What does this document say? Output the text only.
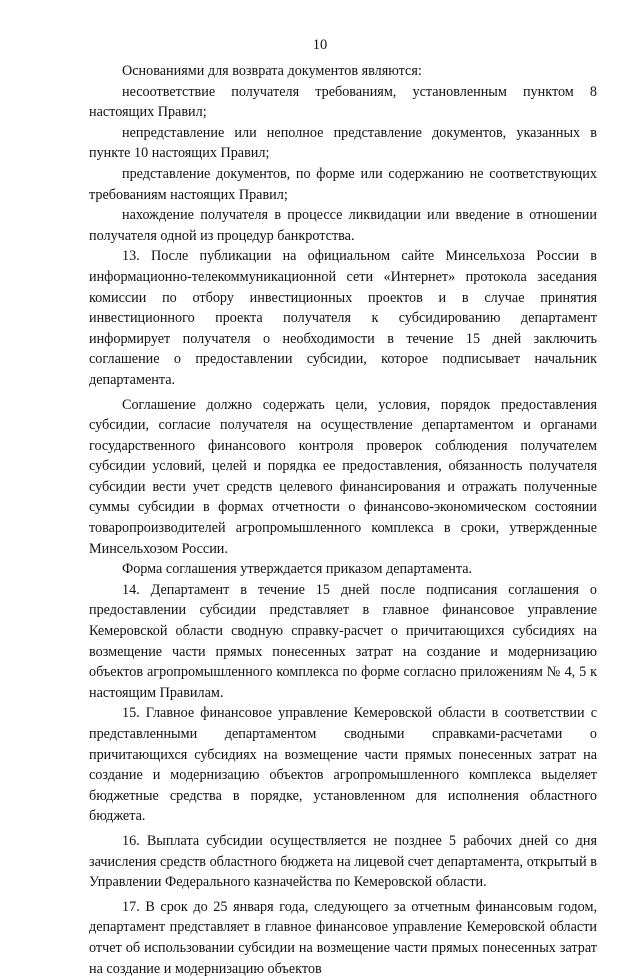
10

Основаниями для возврата документов являются:

несоответствие получателя требованиям, установленным пунктом 8 настоящих Правил;

непредставление или неполное представление документов, указанных в пункте 10 настоящих Правил;

представление документов, по форме или содержанию не соответствующих требованиям настоящих Правил;

нахождение получателя в процессе ликвидации или введение в отношении получателя одной из процедур банкротства.

13. После публикации на официальном сайте Минсельхоза России в информационно-телекоммуникационной сети «Интернет» протокола заседания комиссии по отбору инвестиционных проектов и в случае принятия инвестиционного проекта получателя к субсидированию департамент информирует получателя о необходимости в течение 15 дней заключить соглашение о предоставлении субсидии, которое подписывает начальник департамента.

Соглашение должно содержать цели, условия, порядок предоставления субсидии, согласие получателя на осуществление департаментом и органами государственного финансового контроля проверок соблюдения получателем субсидии условий, целей и порядка ее предоставления, обязанность получателя субсидии вести учет средств целевого финансирования и отражать полученные суммы субсидии в формах отчетности о финансово-экономическом состоянии товаропроизводителей агропромышленного комплекса в сроки, утвержденные Минсельхозом России.

Форма соглашения утверждается приказом департамента.

14. Департамент в течение 15 дней после подписания соглашения о предоставлении субсидии представляет в главное финансовое управление Кемеровской области сводную справку-расчет о причитающихся субсидиях на возмещение части прямых понесенных затрат на создание и модернизацию объектов агропромышленного комплекса по форме согласно приложениям № 4, 5 к настоящим Правилам.

15. Главное финансовое управление Кемеровской области в соответствии с представленными департаментом сводными справками-расчетами о причитающихся субсидиях на возмещение части прямых понесенных затрат на создание и модернизацию объектов агропромышленного комплекса выделяет бюджетные средства в порядке, установленном для исполнения областного бюджета.

16. Выплата субсидии осуществляется не позднее 5 рабочих дней со дня зачисления средств областного бюджета на лицевой счет департамента, открытый в Управлении Федерального казначейства по Кемеровской области.

17. В срок до 25 января года, следующего за отчетным финансовым годом, департамент представляет в главное финансовое управление Кемеровской области отчет об использовании субсидии на возмещение части прямых понесенных затрат на создание и модернизацию объектов
